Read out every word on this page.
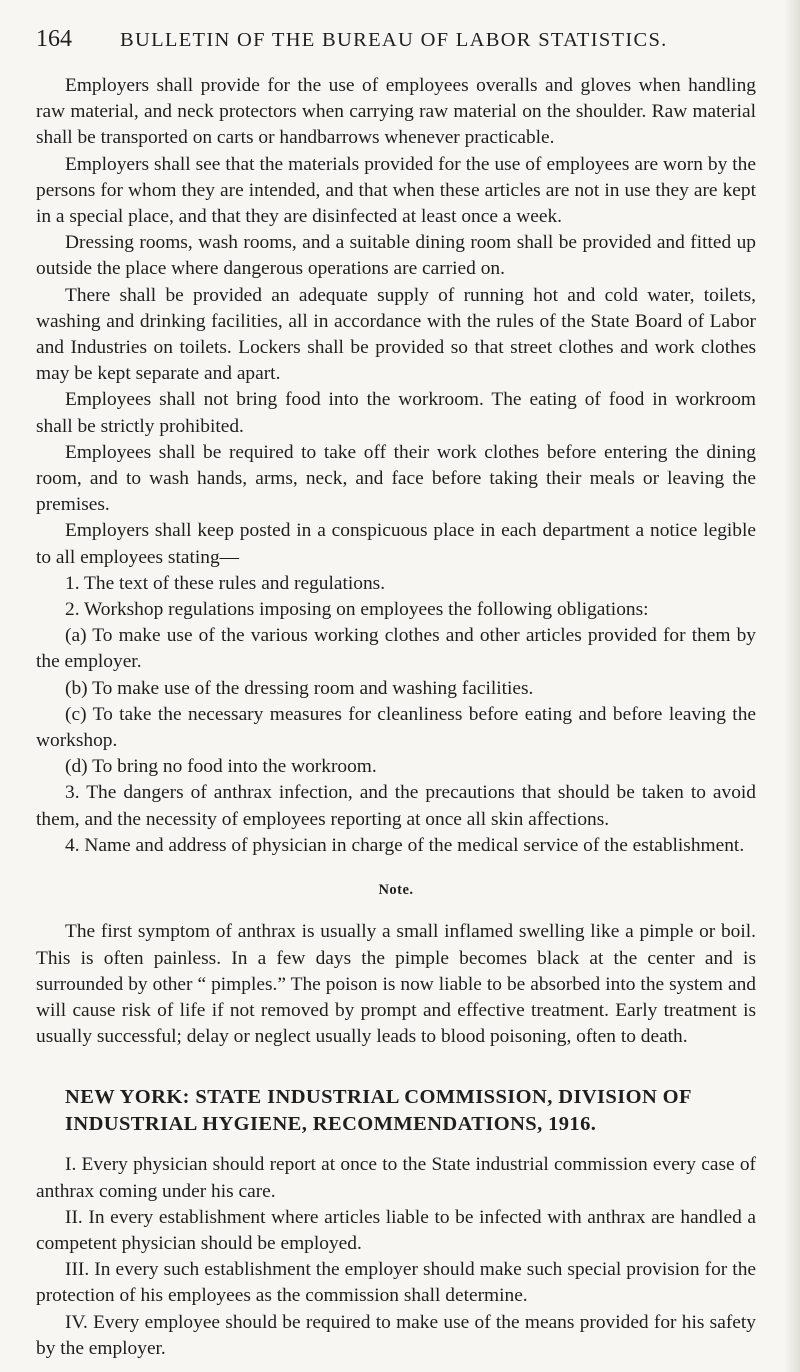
164	BULLETIN OF THE BUREAU OF LABOR STATISTICS.

Employers shall provide for the use of employees overalls and gloves when handling raw material, and neck protectors when carrying raw material on the shoulder. Raw material shall be transported on carts or handbarrows whenever practicable.

Employers shall see that the materials provided for the use of employees are worn by the persons for whom they are intended, and that when these articles are not in use they are kept in a special place, and that they are disinfected at least once a week.

Dressing rooms, wash rooms, and a suitable dining room shall be provided and fitted up outside the place where dangerous operations are carried on.

There shall be provided an adequate supply of running hot and cold water, toilets, washing and drinking facilities, all in accordance with the rules of the State Board of Labor and Industries on toilets. Lockers shall be provided so that street clothes and work clothes may be kept separate and apart.

Employees shall not bring food into the workroom. The eating of food in workroom shall be strictly prohibited.

Employees shall be required to take off their work clothes before entering the dining room, and to wash hands, arms, neck, and face before taking their meals or leaving the premises.

Employers shall keep posted in a conspicuous place in each department a notice legible to all employees stating—

1. The text of these rules and regulations.

2. Workshop regulations imposing on employees the following obligations:

(a) To make use of the various working clothes and other articles provided for them by the employer.

(b) To make use of the dressing room and washing facilities.

(c) To take the necessary measures for cleanliness before eating and before leaving the workshop.

(d) To bring no food into the workroom.

3. The dangers of anthrax infection, and the precautions that should be taken to avoid them, and the necessity of employees reporting at once all skin affections.

4. Name and address of physician in charge of the medical service of the establishment.

Note.

The first symptom of anthrax is usually a small inflamed swelling like a pimple or boil. This is often painless. In a few days the pimple becomes black at the center and is surrounded by other “ pimples.” The poison is now liable to be absorbed into the system and will cause risk of life if not removed by prompt and effective treatment. Early treatment is usually successful; delay or neglect usually leads to blood poisoning, often to death.

NEW YORK: STATE INDUSTRIAL COMMISSION, DIVISION OF
INDUSTRIAL HYGIENE, RECOMMENDATIONS, 1916.

I. Every physician should report at once to the State industrial commission every case of anthrax coming under his care.

II. In every establishment where articles liable to be infected with anthrax are handled a competent physician should be employed.

III. In every such establishment the employer should make such special provision for the protection of his employees as the commission shall determine.

IV. Every employee should be required to make use of the means provided for his safety by the employer.
